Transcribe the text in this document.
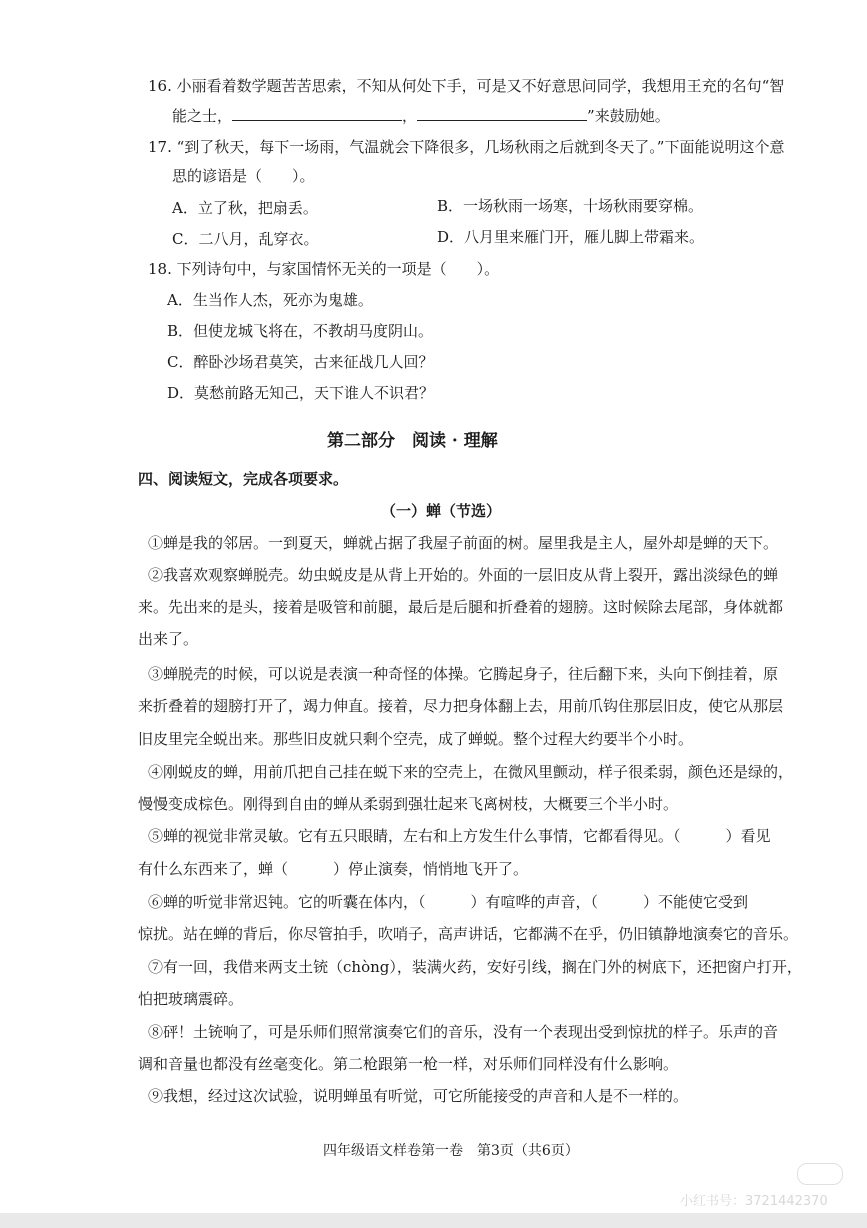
16. 小丽看着数学题苦苦思索，不知从何处下手，可是又不好意思问同学，我想用王充的名句“智
能之士，	，	”来鼓励她。
17. “到了秋天，每下一场雨，气温就会下降很多，几场秋雨之后就到冬天了。”下面能说明这个意
思的谚语是（　　）。
A．立了秋，把扇丢。	B．一场秋雨一场寒，十场秋雨要穿棉。
C．二八月，乱穿衣。	D．八月里来雁门开，雁儿脚上带霜来。
18. 下列诗句中，与家国情怀无关的一项是（　　）。
A．生当作人杰，死亦为鬼雄。
B．但使龙城飞将在，不教胡马度阴山。
C．醉卧沙场君莫笑，古来征战几人回？
D．莫愁前路无知己，天下谁人不识君？
第二部分　阅读 · 理解
四、阅读短文，完成各项要求。
（一）蝉（节选）
①蝉是我的邻居。一到夏天，蝉就占据了我屋子前面的树。屋里我是主人，屋外却是蝉的天下。
②我喜欢观察蝉脱壳。幼虫蜕皮是从背上开始的。外面的一层旧皮从背上裂开，露出淡绿色的蝉
来。先出来的是头，接着是吸管和前腿，最后是后腿和折叠着的翅膀。这时候除去尾部，身体就都
出来了。
③蝉脱壳的时候，可以说是表演一种奇怪的体操。它腾起身子，往后翻下来，头向下倒挂着，原
来折叠着的翅膀打开了，竭力伸直。接着，尽力把身体翻上去，用前爪钩住那层旧皮，使它从那层
旧皮里完全蜕出来。那些旧皮就只剩个空壳，成了蝉蜕。整个过程大约要半个小时。
④刚蜕皮的蝉，用前爪把自己挂在蜕下来的空壳上，在微风里颤动，样子很柔弱，颜色还是绿的，
慢慢变成棕色。刚得到自由的蝉从柔弱到强壮起来飞离树枝，大概要三个半小时。
⑤蝉的视觉非常灵敏。它有五只眼睛，左右和上方发生什么事情，它都看得见。（　　　）看见
有什么东西来了，蝉（　　　）停止演奏，悄悄地飞开了。
⑥蝉的听觉非常迟钝。它的听囊在体内，（　　　）有喧哗的声音，（　　　）不能使它受到
惊扰。站在蝉的背后，你尽管拍手，吹哨子，高声讲话，它都满不在乎，仍旧镇静地演奏它的音乐。
⑦有一回，我借来两支土铳（chòng），装满火药，安好引线，搁在门外的树底下，还把窗户打开，
怕把玻璃震碎。
⑧砰！土铳响了，可是乐师们照常演奏它们的音乐，没有一个表现出受到惊扰的样子。乐声的音
调和音量也都没有丝毫变化。第二枪跟第一枪一样，对乐师们同样没有什么影响。
⑨我想，经过这次试验，说明蝉虽有听觉，可它所能接受的声音和人是不一样的。
四年级语文样卷第一卷　第3页（共6页）
小红书号：3721442370
